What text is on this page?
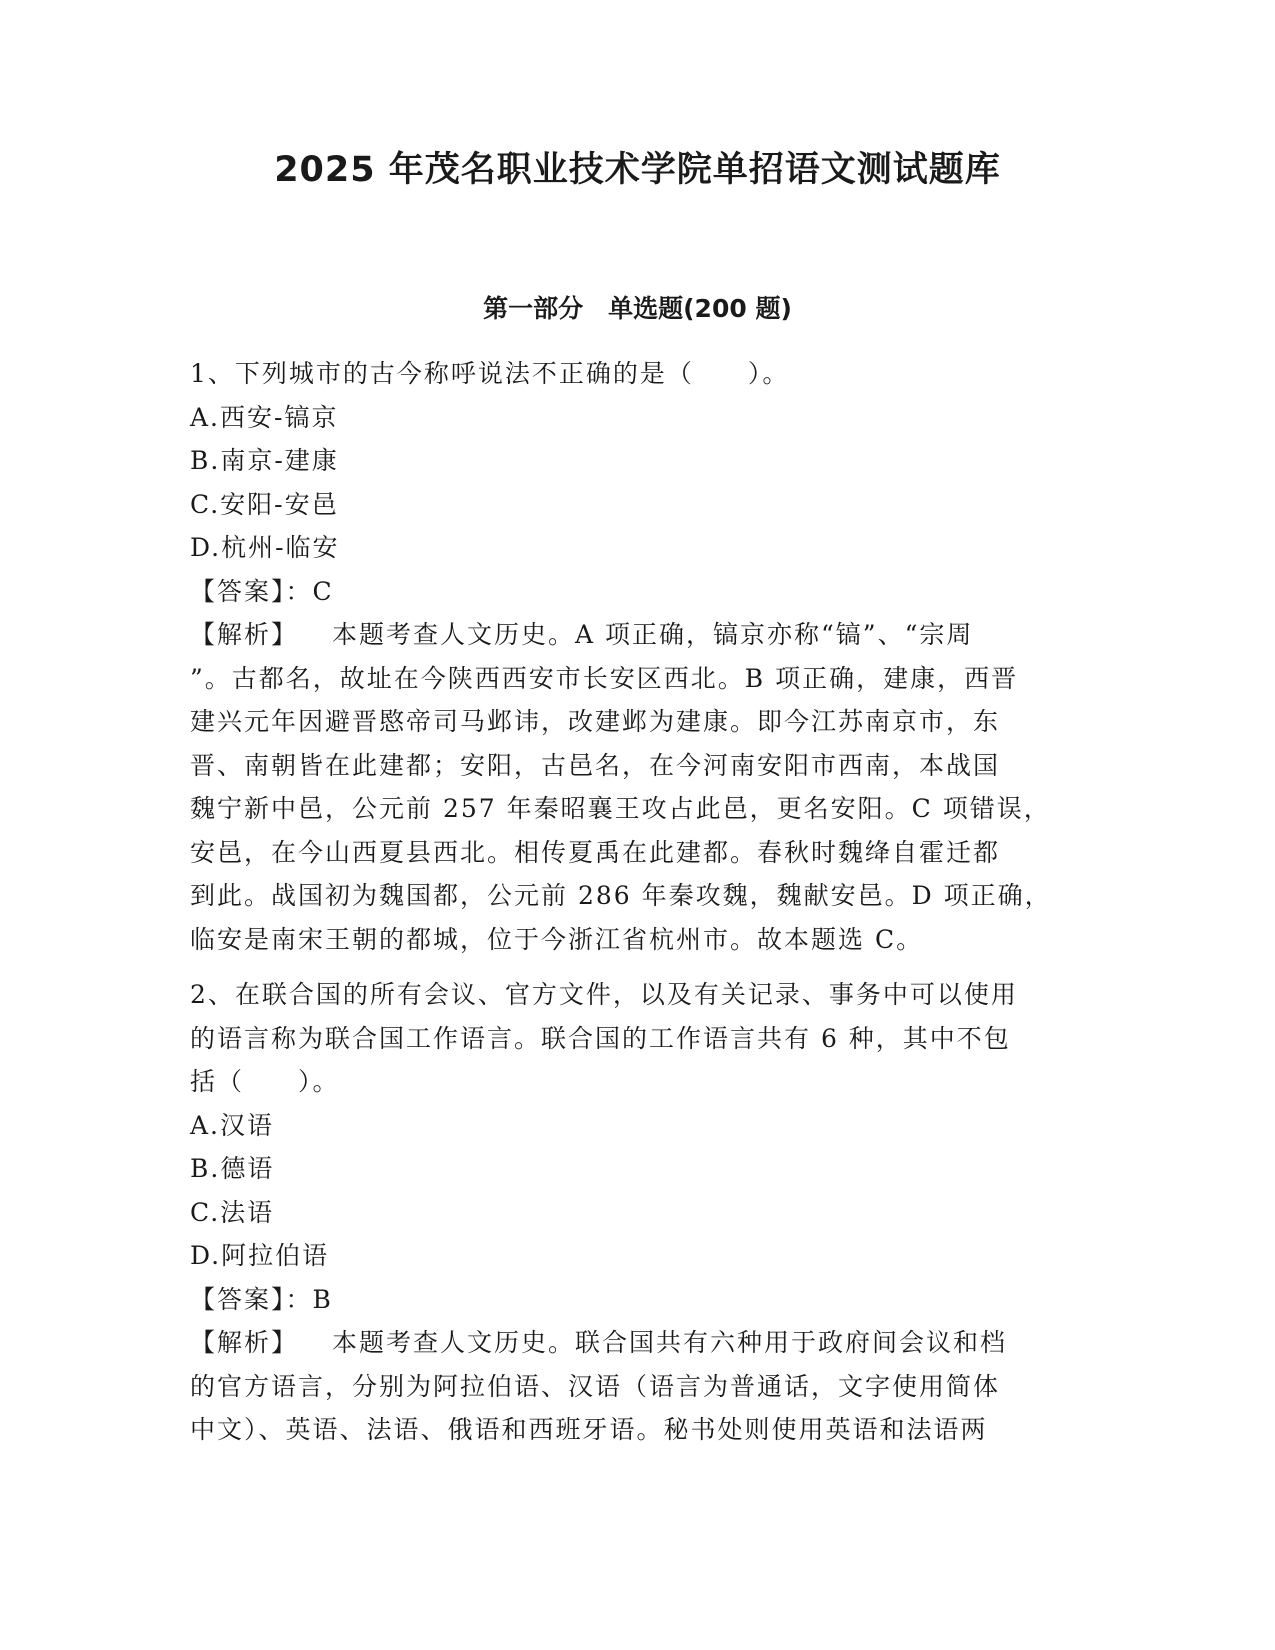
2025 年茂名职业技术学院单招语文测试题库
第一部分　单选题(200 题)
1、下列城市的古今称呼说法不正确的是（　　）。
A.西安-镐京
B.南京-建康
C.安阳-安邑
D.杭州-临安
【答案】：C
【解析】 本题考查人文历史。A 项正确，镐京亦称“镐”、“宗周
”。古都名，故址在今陕西西安市长安区西北。B 项正确，建康，西晋
建兴元年因避晋愍帝司马邺讳，改建邺为建康。即今江苏南京市，东
晋、南朝皆在此建都；安阳，古邑名，在今河南安阳市西南，本战国
魏宁新中邑，公元前 257 年秦昭襄王攻占此邑，更名安阳。C 项错误，
安邑，在今山西夏县西北。相传夏禹在此建都。春秋时魏绛自霍迁都
到此。战国初为魏国都，公元前 286 年秦攻魏，魏献安邑。D 项正确，
临安是南宋王朝的都城，位于今浙江省杭州市。故本题选 C。
2、在联合国的所有会议、官方文件，以及有关记录、事务中可以使用
的语言称为联合国工作语言。联合国的工作语言共有 6 种，其中不包
括（　　）。
A.汉语
B.德语
C.法语
D.阿拉伯语
【答案】：B
【解析】 本题考查人文历史。联合国共有六种用于政府间会议和档
的官方语言，分别为阿拉伯语、汉语（语言为普通话，文字使用简体
中文）、英语、法语、俄语和西班牙语。秘书处则使用英语和法语两
